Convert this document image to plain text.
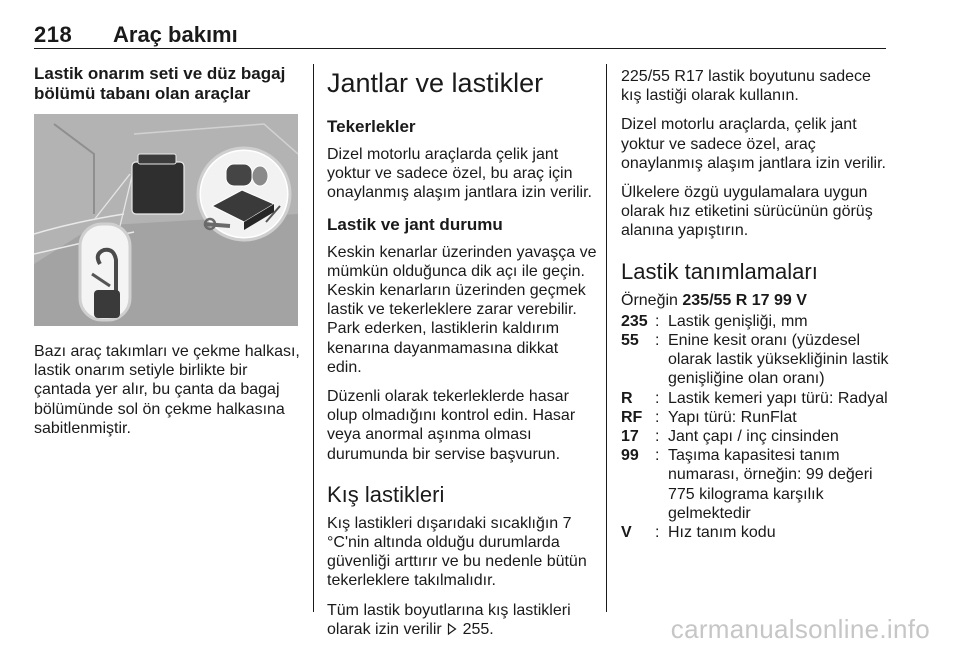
218 Araç bakımı
Lastik onarım seti ve düz bagaj bölümü tabanı olan araçlar

Bazı araç takımları ve çekme halkası, lastik onarım setiyle birlikte bir çantada yer alır, bu çanta da bagaj bölümünde sol ön çekme halkasına sabitlenmiştir.

Jantlar ve lastikler
Tekerlekler

Dizel motorlu araçlarda çelik jant yoktur ve sadece özel, bu araç için onaylanmış alaşım jantlara izin verilir.

Lastik ve jant durumu

Keskin kenarlar üzerinden yavaşça ve mümkün olduğunca dik açı ile geçin. Keskin kenarların üzerinden geçmek lastik ve tekerleklere zarar verebilir. Park ederken, lastiklerin kaldırım kenarına dayanmamasına dikkat edin.

Düzenli olarak tekerleklerde hasar olup olmadığını kontrol edin. Hasar veya anormal aşınma olması durumunda bir servise başvurun.

Kış lastikleri

Kış lastikleri dışarıdaki sıcaklığın 7 °C'nin altında olduğu durumlarda güvenliği arttırır ve bu nedenle bütün tekerleklere takılmalıdır.

Tüm lastik boyutlarına kış lastikleri olarak izin verilir 255.

225/55 R17 lastik boyutunu sadece kış lastiği olarak kullanın.

Dizel motorlu araçlarda, çelik jant yoktur ve sadece özel, araç onaylanmış alaşım jantlara izin verilir.

Ülkelere özgü uygulamalara uygun olarak hız etiketini sürücünün görüş alanına yapıştırın.

Lastik tanımlamaları

Örneğin 235/55 R 17 99 V

235	:	Lastik genişliği, mm
55	:	Enine kesit oranı (yüzdesel olarak lastik yüksekliğinin lastik genişliğine olan oranı)
R	:	Lastik kemeri yapı türü: Radyal
RF	:	Yapı türü: RunFlat
17	:	Jant çapı / inç cinsinden
99	:	Taşıma kapasitesi tanım numarası, örneğin: 99 değeri 775 kilograma karşılık gelmektedir
V	:	Hız tanım kodu
carmanualsonline.info
